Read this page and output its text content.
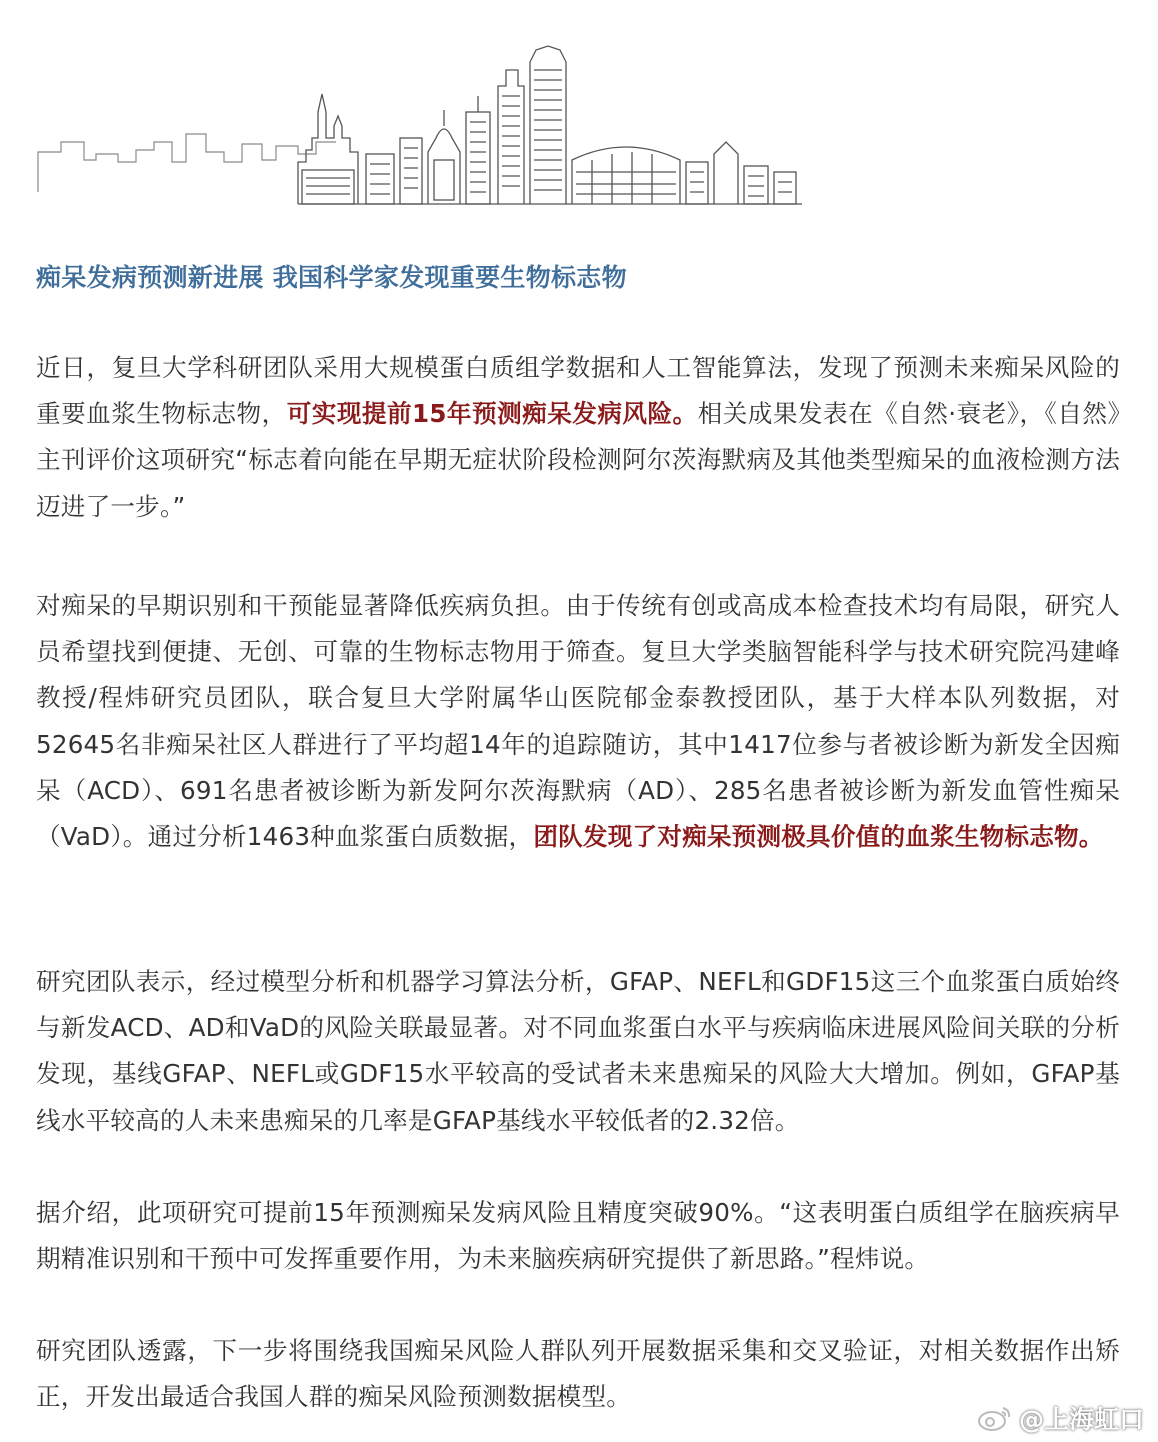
痴呆发病预测新进展 我国科学家发现重要生物标志物
近日，复旦大学科研团队采用大规模蛋白质组学数据和人工智能算法，发现了预测未来痴呆风险的重要血浆生物标志物，可实现提前15年预测痴呆发病风险。相关成果发表在《自然·衰老》，《自然》主刊评价这项研究“标志着向能在早期无症状阶段检测阿尔茨海默病及其他类型痴呆的血液检测方法迈进了一步。”
对痴呆的早期识别和干预能显著降低疾病负担。由于传统有创或高成本检查技术均有局限，研究人员希望找到便捷、无创、可靠的生物标志物用于筛查。复旦大学类脑智能科学与技术研究院冯建峰教授/程炜研究员团队，联合复旦大学附属华山医院郁金泰教授团队，基于大样本队列数据，对52645名非痴呆社区人群进行了平均超14年的追踪随访，其中1417位参与者被诊断为新发全因痴呆（ACD）、691名患者被诊断为新发阿尔茨海默病（AD）、285名患者被诊断为新发血管性痴呆（VaD）。通过分析1463种血浆蛋白质数据，团队发现了对痴呆预测极具价值的血浆生物标志物。
研究团队表示，经过模型分析和机器学习算法分析，GFAP、NEFL和GDF15这三个血浆蛋白质始终与新发ACD、AD和VaD的风险关联最显著。对不同血浆蛋白水平与疾病临床进展风险间关联的分析发现，基线GFAP、NEFL或GDF15水平较高的受试者未来患痴呆的风险大大增加。例如，GFAP基线水平较高的人未来患痴呆的几率是GFAP基线水平较低者的2.32倍。
据介绍，此项研究可提前15年预测痴呆发病风险且精度突破90%。“这表明蛋白质组学在脑疾病早期精准识别和干预中可发挥重要作用，为未来脑疾病研究提供了新思路。”程炜说。
研究团队透露，下一步将围绕我国痴呆风险人群队列开展数据采集和交叉验证，对相关数据作出矫正，开发出最适合我国人群的痴呆风险预测数据模型。
@上海虹口
